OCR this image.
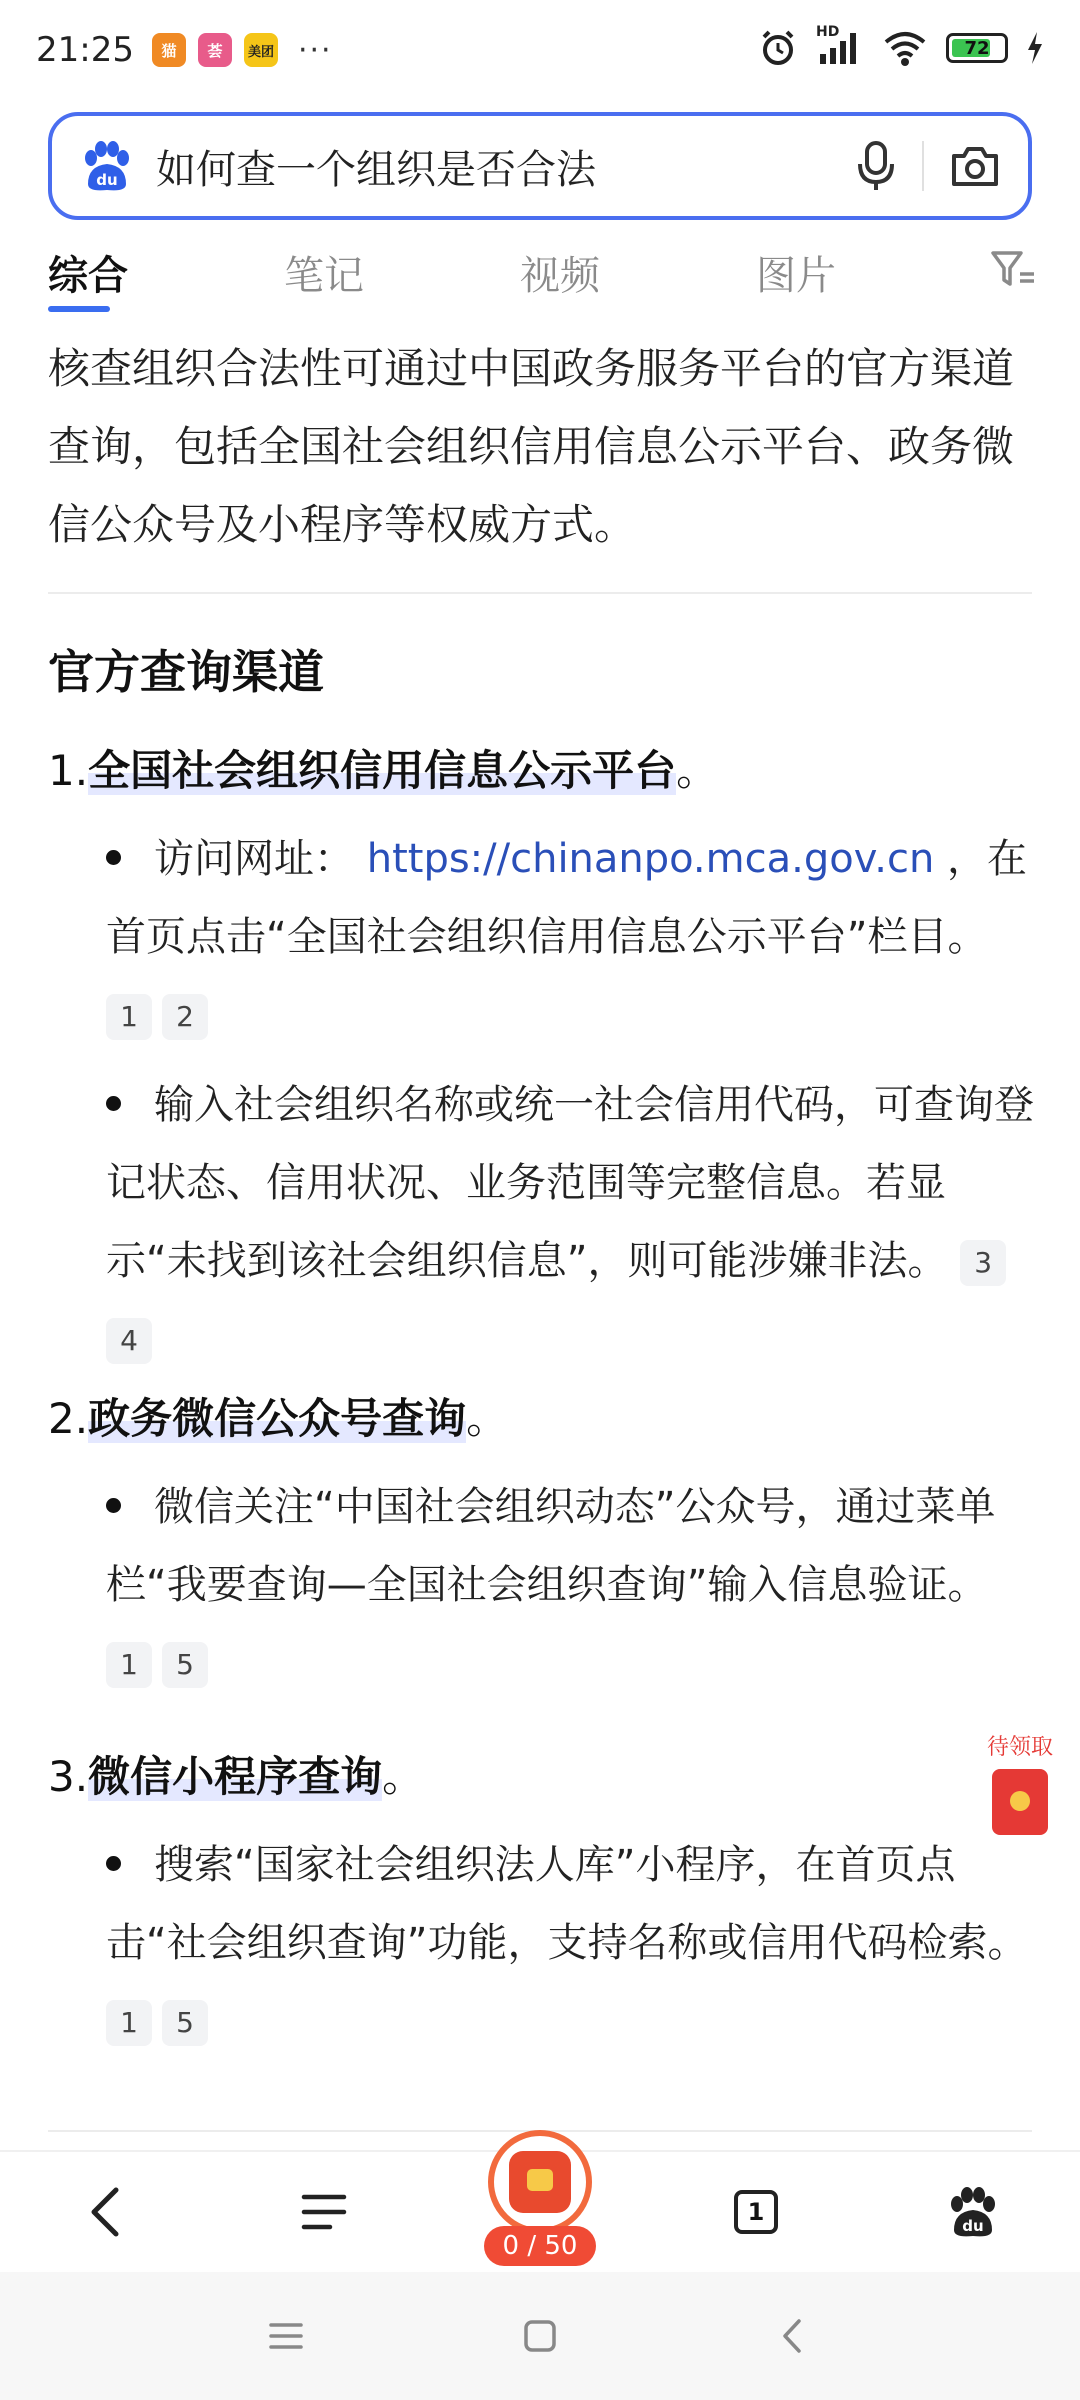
21:25	猫	荟	美团 ···
HD
72
du 如何查一个组织是否合法
综合	笔记	视频	图片

核查组织合法性可通过中国政务服务平台的官方渠道查询，包括全国社会组织信用信息公示平台、政务微信公众号及小程序等权威方式。

官方查询渠道
1.全国社会组织信用信息公示平台。
访问网址： https://chinanpo.mca.gov.cn ，在首页点击“全国社会组织信用信息公示平台”栏目。 1 2
输入社会组织名称或统一社会信用代码，可查询登记状态、信用状况、业务范围等完整信息。若显示“未找到该社会组织信息”，则可能涉嫌非法。 34
2.政务微信公众号查询。
微信关注“中国社会组织动态”公众号，通过菜单栏“我要查询—全国社会组织查询”输入信息验证。 1 5
3.微信小程序查询。
搜索“国家社会组织法人库”小程序，在首页点击“社会组织查询”功能，支持名称或信用代码检索。 1 5
待领取
0 / 50
1	du
